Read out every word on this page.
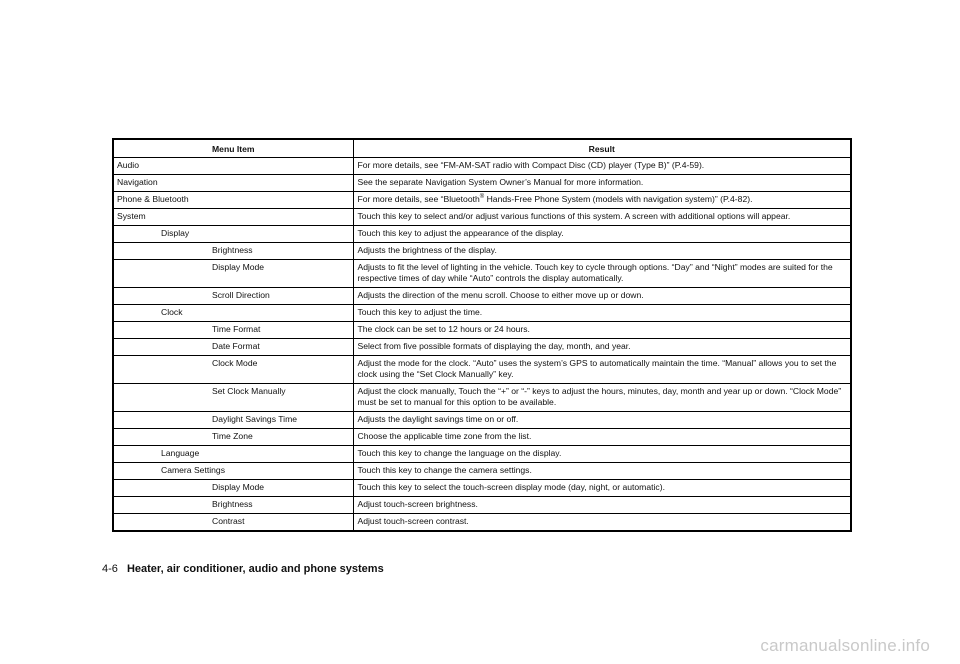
Menu Item	Result
Audio	For more details, see “FM-AM-SAT radio with Compact Disc (CD) player (Type B)” (P.4-59).
Navigation	See the separate Navigation System Owner’s Manual for more information.
Phone & Bluetooth	For more details, see “Bluetooth® Hands-Free Phone System (models with navigation system)” (P.4-82).
System	Touch this key to select and/or adjust various functions of this system. A screen with additional options will appear.
Display	Touch this key to adjust the appearance of the display.
Brightness	Adjusts the brightness of the display.
Display Mode	Adjusts to fit the level of lighting in the vehicle. Touch key to cycle through options. “Day” and “Night” modes are suited for the respective times of day while “Auto” controls the display automatically.
Scroll Direction	Adjusts the direction of the menu scroll. Choose to either move up or down.
Clock	Touch this key to adjust the time.
Time Format	The clock can be set to 12 hours or 24 hours.
Date Format	Select from five possible formats of displaying the day, month, and year.
Clock Mode	Adjust the mode for the clock. “Auto” uses the system’s GPS to automatically maintain the time. “Manual” allows you to set the clock using the “Set Clock Manually” key.
Set Clock Manually	Adjust the clock manually, Touch the “+” or “-” keys to adjust the hours, minutes, day, month and year up or down. “Clock Mode” must be set to manual for this option to be available.
Daylight Savings Time	Adjusts the daylight savings time on or off.
Time Zone	Choose the applicable time zone from the list.
Language	Touch this key to change the language on the display.
Camera Settings	Touch this key to change the camera settings.
Display Mode	Touch this key to select the touch-screen display mode (day, night, or automatic).
Brightness	Adjust touch-screen brightness.
Contrast	Adjust touch-screen contrast.
4-6 Heater, air conditioner, audio and phone systems
carmanualsonline.info
